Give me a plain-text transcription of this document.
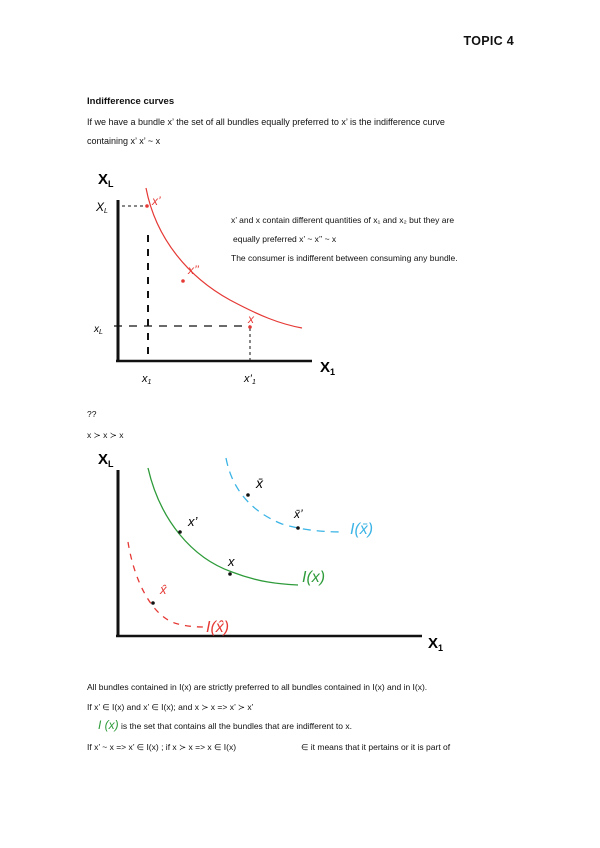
TOPIC 4
Indifference curves
If we have a bundle x’ the set of all bundles equally preferred to x’ is the indifference curve
containing x’ x’ ~ x
$X_L$
$X_1$
x’
x’’
x
XL
$x_L$
x1	x’1
x’ and x contain different quantities of x₁ and x₂ but they are
equally preferred x’ ~ x’’ ~ x
The consumer is indifferent between consuming any bundle.
??
x ≻ x ≻ x
$X_L$
$X_1$
x̂
I(x̂)
x’
x
I(x)
x̄
x̄’
I(x̄)
All bundles contained in I(x) are strictly preferred to all bundles contained in I(x) and in I(x).
If x’ ∈ I(x) and x’ ∈ I(x); and x ≻ x => x’ ≻ x’
I (x) is the set that contains all the bundles that are indifferent to x.
If x’ ~ x => x’ ∈ I(x) ; if x ≻ x => x ∈ I(x)	∈ it means that it pertains or it is part of
